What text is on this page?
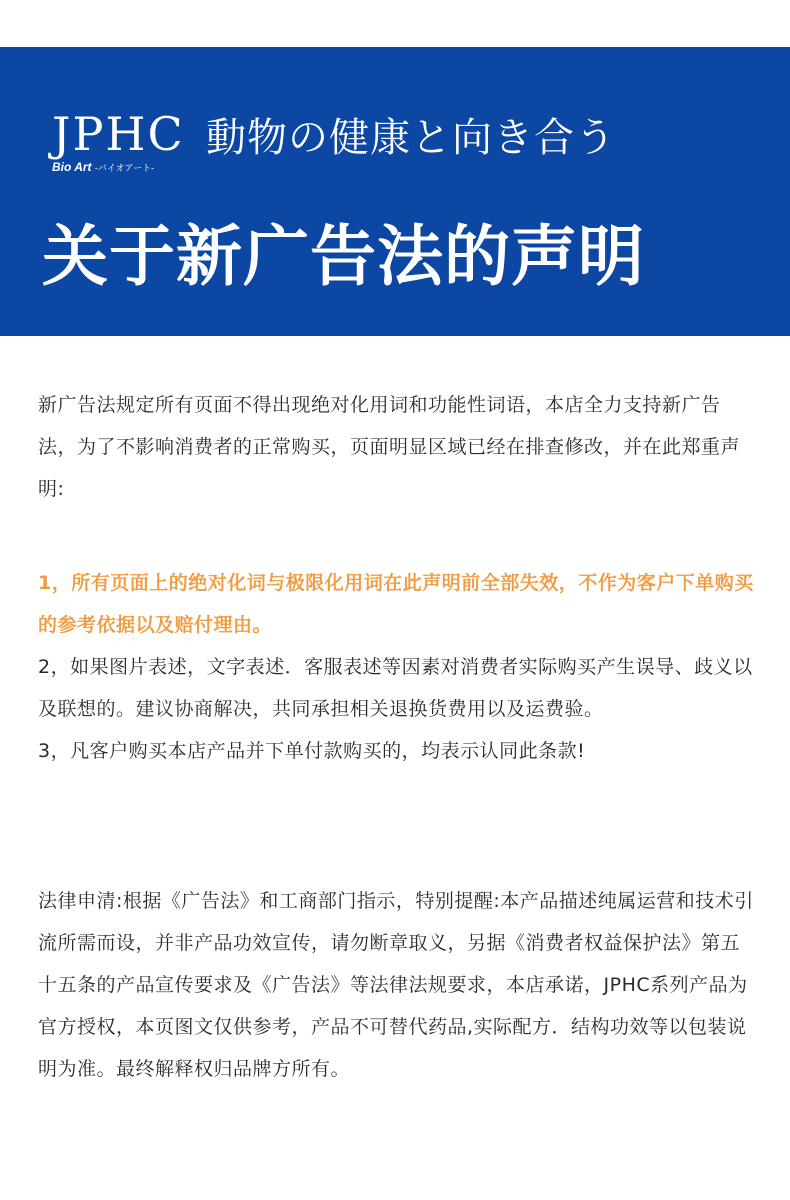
JPHC
Bio Art -バイオアート-
動物の健康と向き合う
关于新广告法的声明

新广告法规定所有页面不得出现绝对化用词和功能性词语，本店全力支持新广告法，为了不影响消费者的正常购买，页面明显区域已经在排查修改，并在此郑重声明:

1，所有页面上的绝对化词与极限化用词在此声明前全部失效，不作为客户下单购买的参考依据以及赔付理由。

2，如果图片表述，文字表述．客服表述等因素对消费者实际购买产生误导、歧义以及联想的。建议协商解决，共同承担相关退换货费用以及运费验。

3，凡客户购买本店产品并下单付款购买的，均表示认同此条款!

法律申清:根据《广告法》和工商部门指示，特别提醒:本产品描述纯属运营和技术引流所需而设，并非产品功效宣传，请勿断章取义，另据《消费者权益保护法》第五十五条的产品宣传要求及《广告法》等法律法规要求，本店承诺，JPHC系列产品为官方授权，本页图文仅供参考，产品不可替代药品,实际配方．结构功效等以包装说明为准。最终解释权归品牌方所有。
